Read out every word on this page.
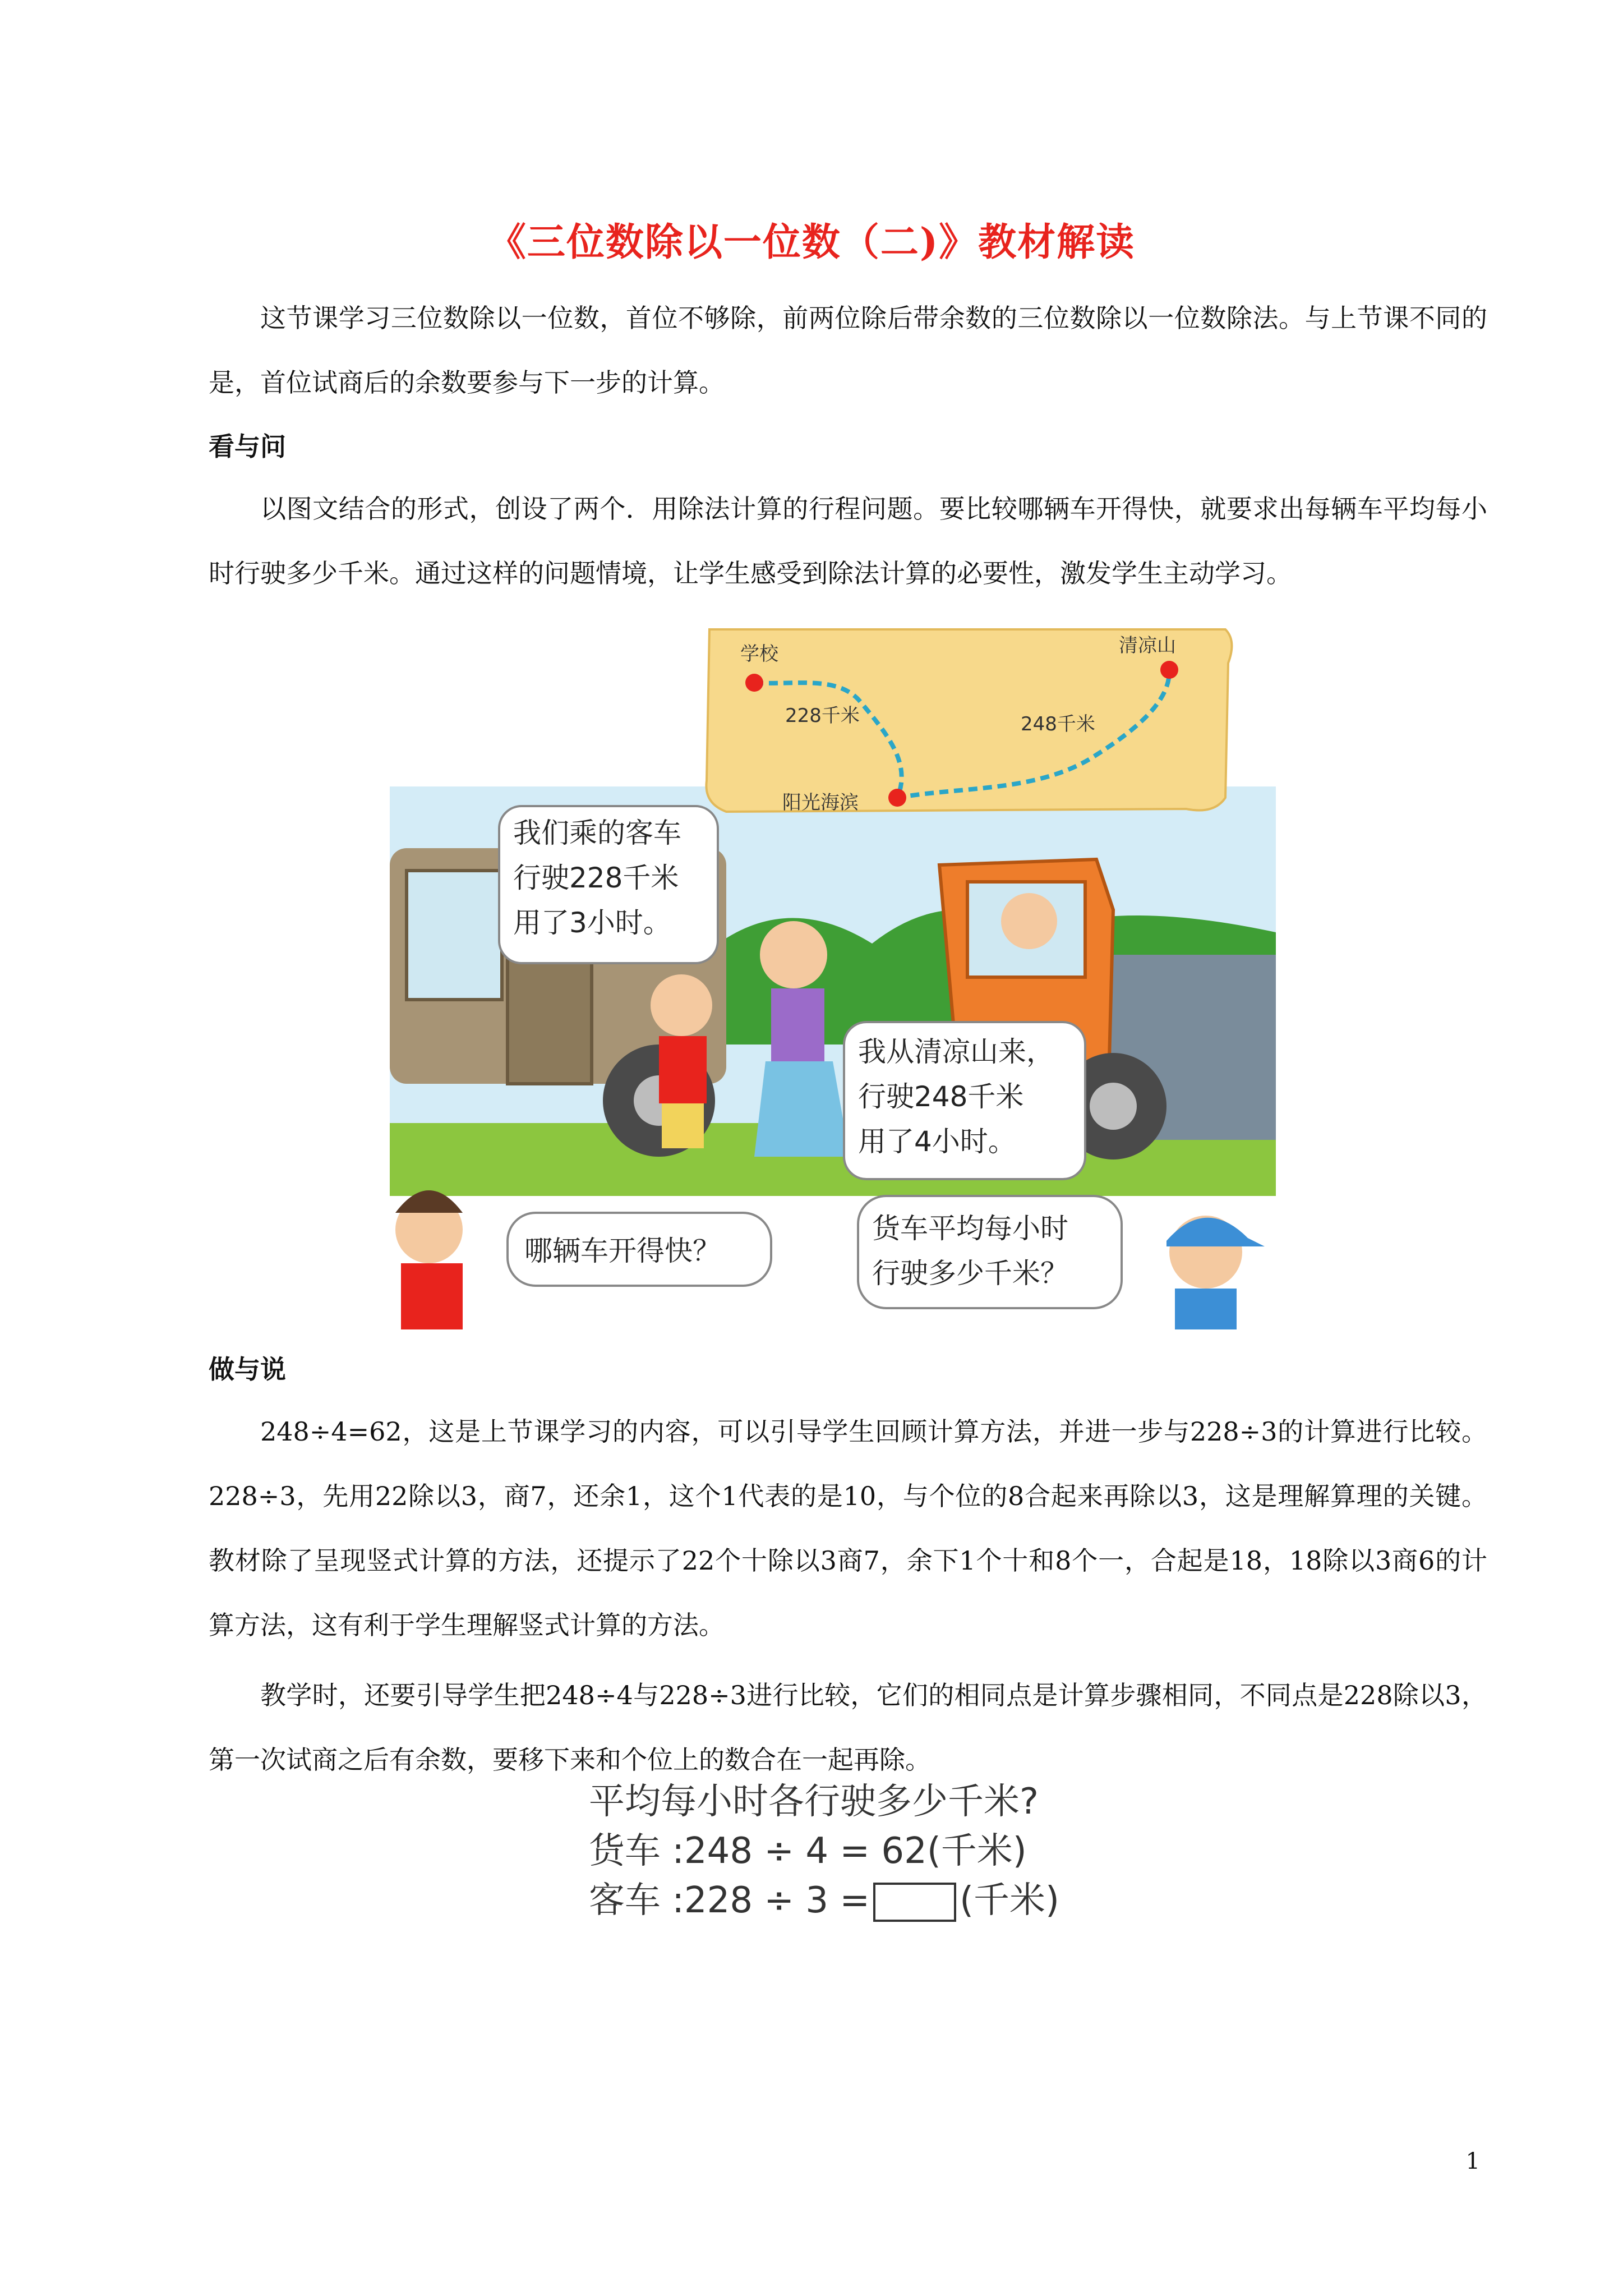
《三位数除以一位数（二)》教材解读

这节课学习三位数除以一位数，首位不够除，前两位除后带余数的三位数除以一位数除法。与上节课不同的是，首位试商后的余数要参与下一步的计算。

看与问

以图文结合的形式，创设了两个．用除法计算的行程问题。要比较哪辆车开得快，就要求出每辆车平均每小时行驶多少千米。通过这样的问题情境，让学生感受到除法计算的必要性，激发学生主动学习。

学校	清凉山
阳光海滨
228千米	248千米
我们乘的客车
行驶228千米
用了3小时。
我从清凉山来，
行驶248千米
用了4小时。
哪辆车开得快？
货车平均每小时
行驶多少千米？
做与说

248÷4=62，这是上节课学习的内容，可以引导学生回顾计算方法，并进一步与228÷3的计算进行比较。228÷3，先用22除以3，商7，还余1，这个1代表的是10，与个位的8合起来再除以3，这是理解算理的关键。教材除了呈现竖式计算的方法，还提示了22个十除以3商7，余下1个十和8个一，合起是18，18除以3商6的计算方法，这有利于学生理解竖式计算的方法。

教学时，还要引导学生把248÷4与228÷3进行比较，它们的相同点是计算步骤相同，不同点是228除以3，第一次试商之后有余数，要移下来和个位上的数合在一起再除。

平均每小时各行驶多少千米?
货车 :248 ÷ 4 = 62(千米)
客车 :228 ÷ 3 =	(千米)
1
